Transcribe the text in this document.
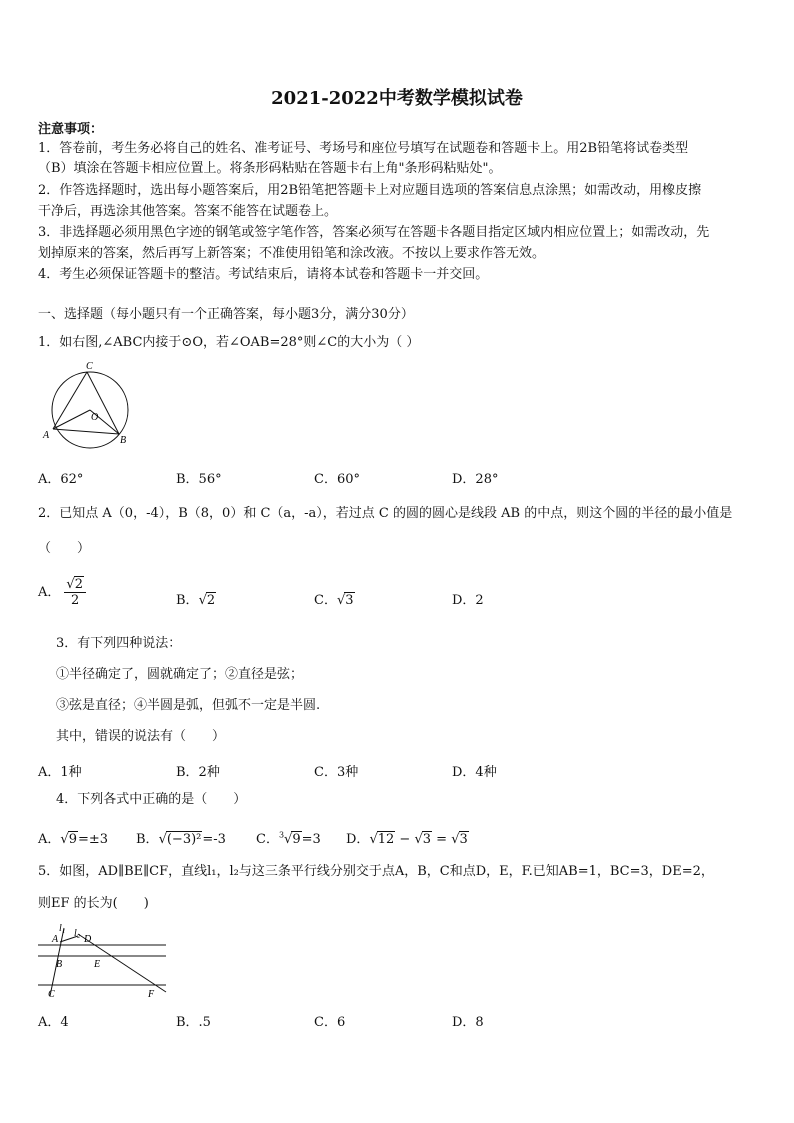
2021-2022中考数学模拟试卷
注意事项：
1．答卷前，考生务必将自己的姓名、准考证号、考场号和座位号填写在试题卷和答题卡上。用2B铅笔将试卷类型
（B）填涂在答题卡相应位置上。将条形码粘贴在答题卡右上角"条形码粘贴处"。
2．作答选择题时，选出每小题答案后，用2B铅笔把答题卡上对应题目选项的答案信息点涂黑；如需改动，用橡皮擦
干净后，再选涂其他答案。答案不能答在试题卷上。
3．非选择题必须用黑色字迹的钢笔或签字笔作答，答案必须写在答题卡各题目指定区域内相应位置上；如需改动，先
划掉原来的答案，然后再写上新答案；不准使用铅笔和涂改液。不按以上要求作答无效。
4．考生必须保证答题卡的整洁。考试结束后，请将本试卷和答题卡一并交回。
一、选择题（每小题只有一个正确答案，每小题3分，满分30分）
1．如右图,∠ABC内接于⊙O，若∠OAB=28°则∠C的大小为（ ）
C
O
A	B
A．62°	B．56°	C．60°	D．28°
2．已知点 A（0，-4），B（8，0）和 C（a，-a），若过点 C 的圆的圆心是线段 AB 的中点，则这个圆的半径的最小值是
（　　）
A． $\frac{√2}{2}$	B．√2	C．√3	D．2
3．有下列四种说法：
①半径确定了，圆就确定了；②直径是弦；
③弦是直径；④半圆是弧，但弧不一定是半圆.
其中，错误的说法有（　　）
A．1种	B．2种	C．3种	D．4种
4．下列各式中正确的是（　　）
A．√9=±3 B．√(−3)²=-3 C．$^3$√9=3 D．√12 − √3 = √3
5．如图，AD∥BE∥CF，直线l₁，l₂与这三条平行线分别交于点A，B，C和点D，E，F.已知AB=1，BC=3，DE=2，
则EF 的长为(　　)
l₁ l₂
A	D
B	E
C	F
A．4	B．.5	C．6	D．8
